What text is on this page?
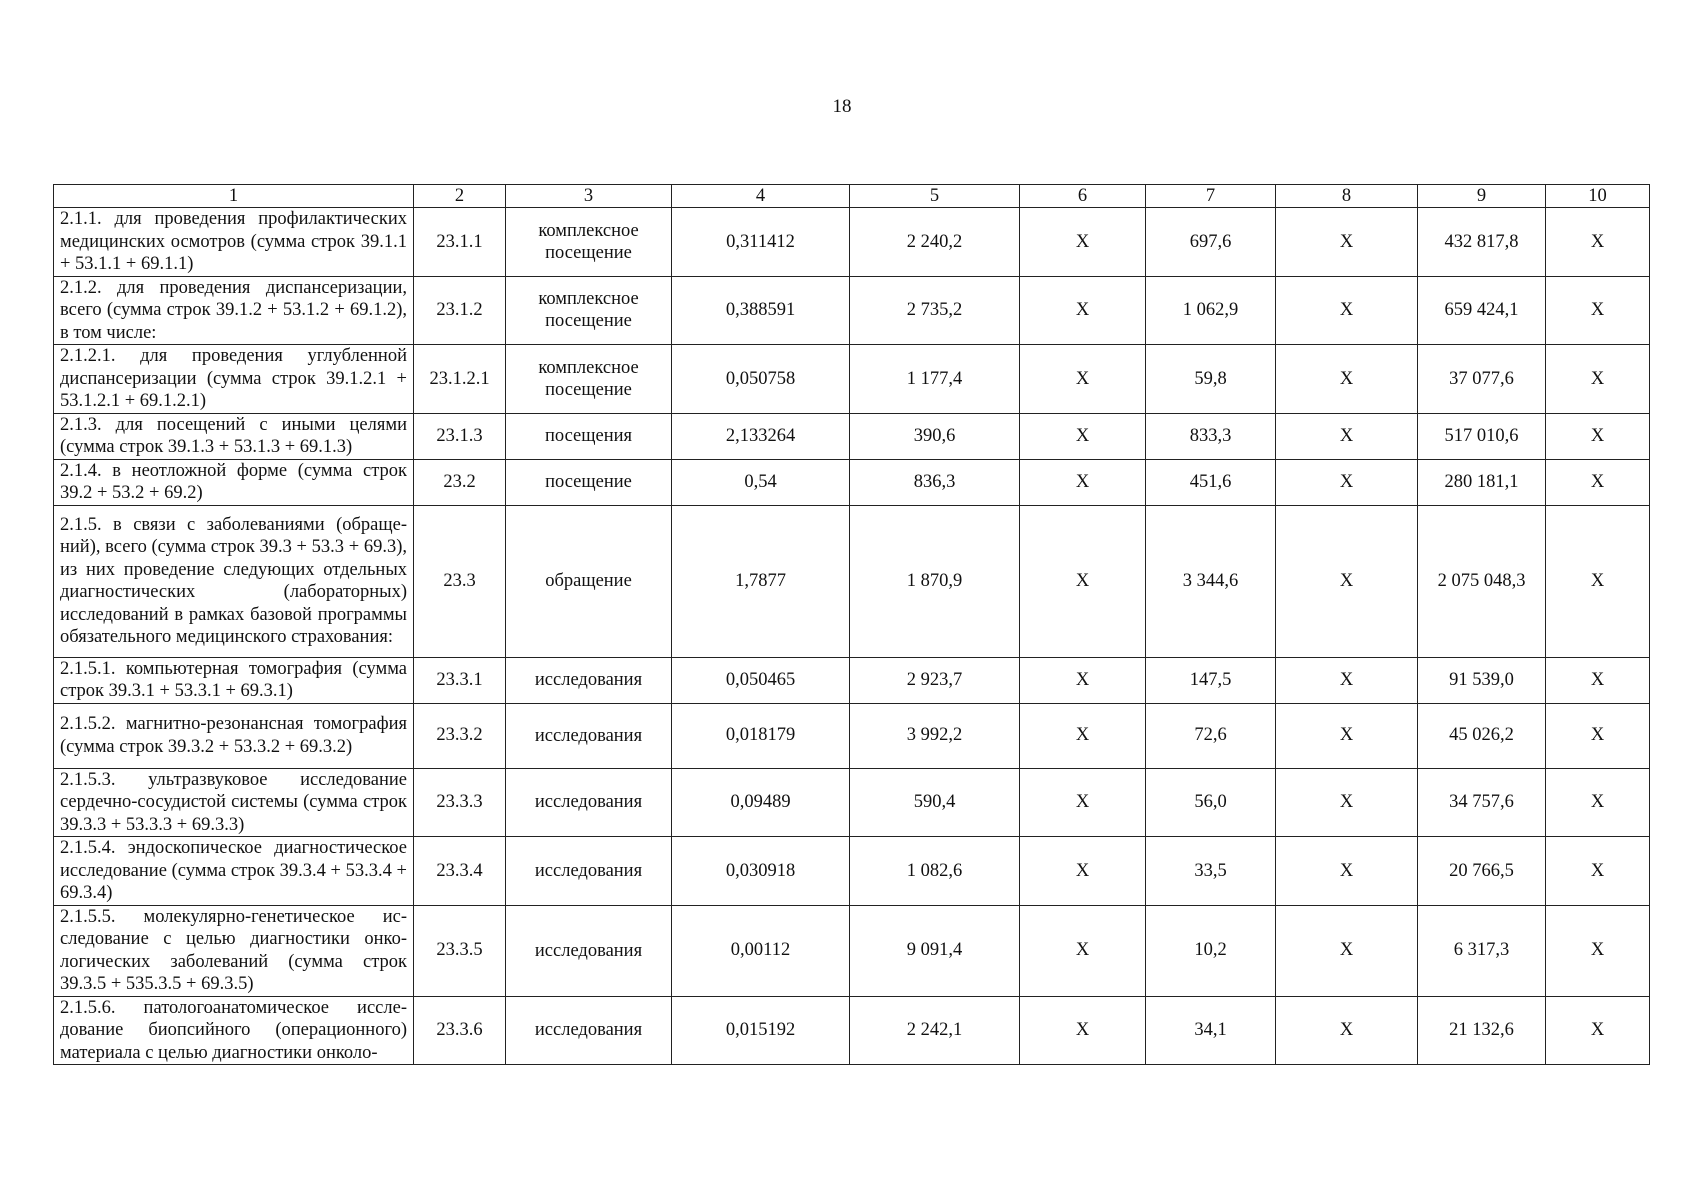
18
1	2	3	4	5	6	7	8	9	10
2.1.1. для проведения профилактических медицинских осмотров (сумма строк 39.1.1 + 53.1.1 + 69.1.1)	23.1.1	комплексное посещение	0,311412	2 240,2	Х	697,6	Х	432 817,8	Х
2.1.2. для проведения диспансеризации, всего (сумма строк 39.1.2 + 53.1.2 + 69.1.2), в том числе:	23.1.2	комплексное посещение	0,388591	2 735,2	Х	1 062,9	Х	659 424,1	Х
2.1.2.1. для проведения углубленной диспансеризации (сумма строк 39.1.2.1 + 53.1.2.1 + 69.1.2.1)	23.1.2.1	комплексное посещение	0,050758	1 177,4	Х	59,8	Х	37 077,6	Х
2.1.3. для посещений с иными целями (сумма строк 39.1.3 + 53.1.3 + 69.1.3)	23.1.3	посещения	2,133264	390,6	Х	833,3	Х	517 010,6	Х
2.1.4. в неотложной форме (сумма строк 39.2 + 53.2 + 69.2)	23.2	посещение	0,54	836,3	Х	451,6	Х	280 181,1	Х
2.1.5. в связи с заболеваниями (обращений), всего (сумма строк 39.3 + 53.3 + 69.3), из них проведение следующих отдельных диагностических (лабораторных) исследований в рамках базовой программы обязательного медицинского страхования:	23.3	обращение	1,7877	1 870,9	Х	3 344,6	Х	2 075 048,3	Х
2.1.5.1. компьютерная томография (сумма строк 39.3.1 + 53.3.1 + 69.3.1)	23.3.1	исследования	0,050465	2 923,7	Х	147,5	Х	91 539,0	Х
2.1.5.2. магнитно-резонансная томография (сумма строк 39.3.2 + 53.3.2 + 69.3.2)	23.3.2	исследования	0,018179	3 992,2	Х	72,6	Х	45 026,2	Х
2.1.5.3. ультразвуковое исследование сердечно-сосудистой системы (сумма строк 39.3.3 + 53.3.3 + 69.3.3)	23.3.3	исследования	0,09489	590,4	Х	56,0	Х	34 757,6	Х
2.1.5.4. эндоскопическое диагностическое исследование (сумма строк 39.3.4 + 53.3.4 + 69.3.4)	23.3.4	исследования	0,030918	1 082,6	Х	33,5	Х	20 766,5	Х
2.1.5.5. молекулярно-генетическое исследование с целью диагностики онкологических заболеваний (сумма строк 39.3.5 + 535.3.5 + 69.3.5)	23.3.5	исследования	0,00112	9 091,4	Х	10,2	Х	6 317,3	Х
2.1.5.6. патологоанатомическое исследование биопсийного (операционного) материала с целью диагностики онколо-	23.3.6	исследования	0,015192	2 242,1	Х	34,1	Х	21 132,6	Х
